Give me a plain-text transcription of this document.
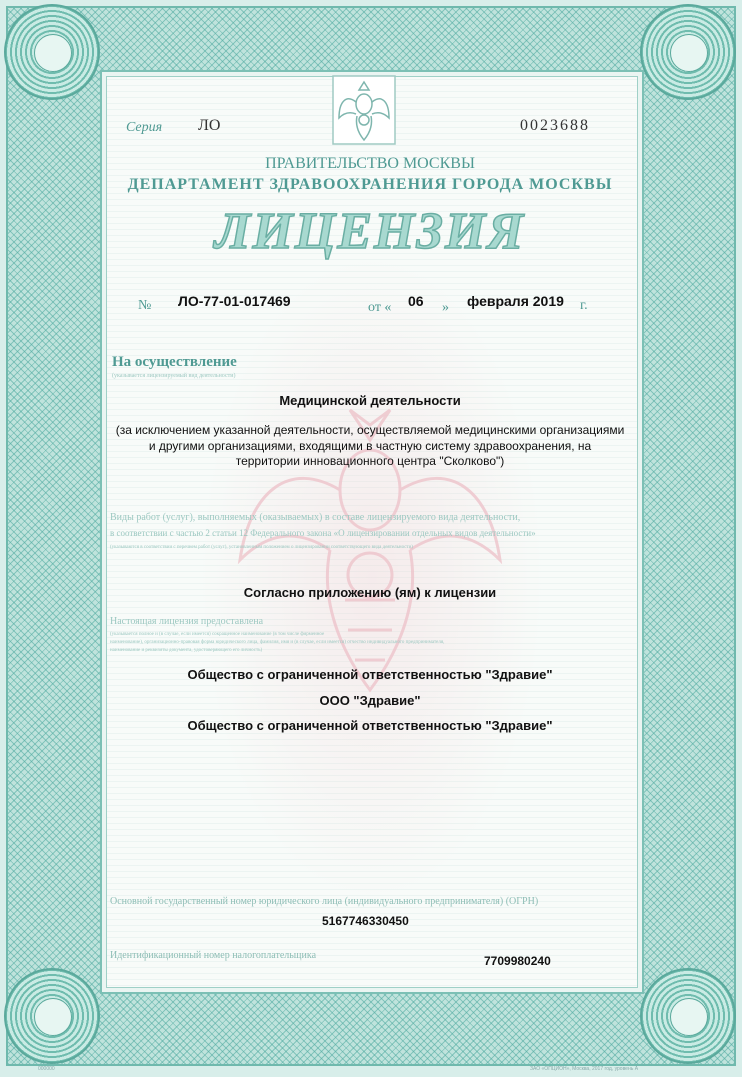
Серия ЛО	0023688
ПРАВИТЕЛЬСТВО МОСКВЫ
ДЕПАРТАМЕНТ ЗДРАВООХРАНЕНИЯ ГОРОДА МОСКВЫ
ЛИЦЕНЗИЯ
№ ЛО-77-01-017469	от « 06 » февраля 2019 г.
На осуществление
(указывается лицензируемый вид деятельности)
Медицинской деятельности
(за исключением указанной деятельности, осуществляемой медицинскими организациями
и другими организациями, входящими в частную систему здравоохранения, на
территории инновационного центра "Сколково")
Виды работ (услуг), выполняемых (оказываемых) в составе лицензируемого вида деятельности,
в соответствии с частью 2 статьи 12 Федерального закона «О лицензировании отдельных видов деятельности»
(указываются в соответствии с перечнем работ (услуг), установленным положением о лицензировании соответствующего вида деятельности)
Согласно приложению (ям) к лицензии
Настоящая лицензия предоставлена
(указывается полное и (в случае, если имеется) сокращенное наименование (в том числе фирменное
наименование), организационно-правовая форма юридического лица, фамилия, имя и (в случае, если имеется) отчество индивидуального предпринимателя,
наименование и реквизиты документа, удостоверяющего его личность)
Общество с ограниченной ответственностью "Здравие"
ООО "Здравие"
Общество с ограниченной ответственностью "Здравие"
Основной государственный номер юридического лица (индивидуального предпринимателя) (ОГРН)
5167746330450
Идентификационный номер налогоплательщика	7709980240
000000	ЗАО «ОПЦИОН», Москва, 2017 год, уровень А
